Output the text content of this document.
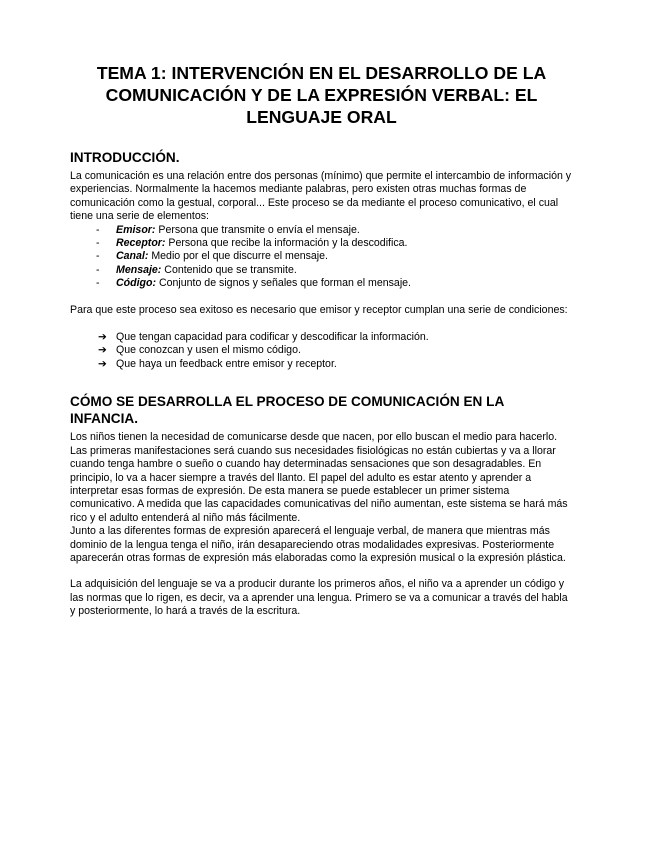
TEMA 1: INTERVENCIÓN EN EL DESARROLLO DE LA COMUNICACIÓN Y DE LA EXPRESIÓN VERBAL: EL LENGUAJE ORAL
INTRODUCCIÓN.

La comunicación es una relación entre dos personas (mínimo) que permite el intercambio de información y experiencias. Normalmente la hacemos mediante palabras, pero existen otras muchas formas de comunicación como la gestual, corporal... Este proceso se da mediante el proceso comunicativo, el cual tiene una serie de elementos:

- Emisor: Persona que transmite o envía el mensaje.
- Receptor: Persona que recibe la información y la descodifica.
- Canal: Medio por el que discurre el mensaje.
- Mensaje: Contenido que se transmite.
- Código: Conjunto de signos y señales que forman el mensaje.

Para que este proceso sea exitoso es necesario que emisor y receptor cumplan una serie de condiciones:

➔ Que tengan capacidad para codificar y descodificar la información.
➔ Que conozcan y usen el mismo código.
➔ Que haya un feedback entre emisor y receptor.
CÓMO SE DESARROLLA EL PROCESO DE COMUNICACIÓN EN LA INFANCIA.

Los niños tienen la necesidad de comunicarse desde que nacen, por ello buscan el medio para hacerlo. Las primeras manifestaciones será cuando sus necesidades fisiológicas no están cubiertas y va a llorar cuando tenga hambre o sueño o cuando hay determinadas sensaciones que son desagradables. En principio, lo va a hacer siempre a través del llanto. El papel del adulto es estar atento y aprender a interpretar esas formas de expresión. De esta manera se puede establecer un primer sistema comunicativo. A medida que las capacidades comunicativas del niño aumentan, este sistema se hará más rico y el adulto entenderá al niño más fácilmente.

Junto a las diferentes formas de expresión aparecerá el lenguaje verbal, de manera que mientras más dominio de la lengua tenga el niño, irán desapareciendo otras modalidades expresivas. Posteriormente aparecerán otras formas de expresión más elaboradas como la expresión musical o la expresión plástica.

La adquisición del lenguaje se va a producir durante los primeros años, el niño va a aprender un código y las normas que lo rigen, es decir, va a aprender una lengua. Primero se va a comunicar a través del habla y posteriormente, lo hará a través de la escritura.
